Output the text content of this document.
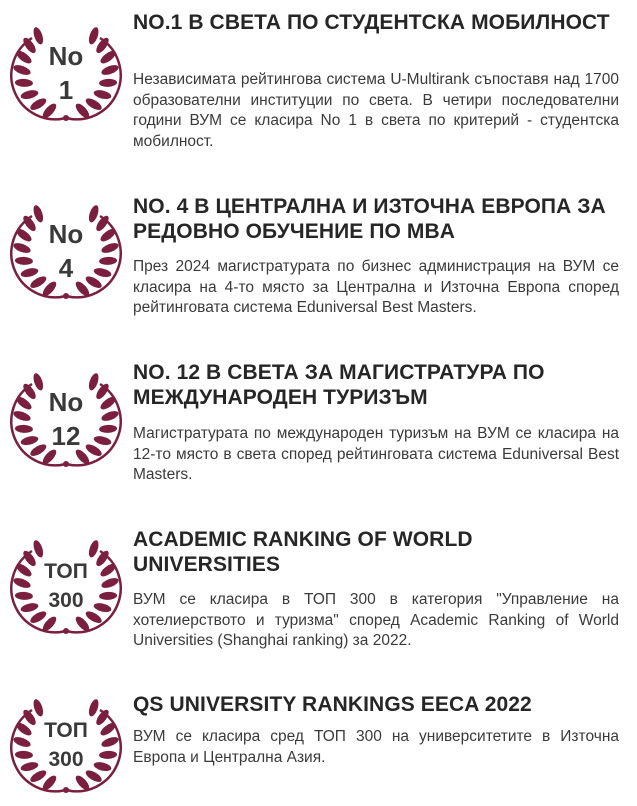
No
1
NO.1 В СВЕТА ПО СТУДЕНТСКА МОБИЛНОСТ

Независимата рейтингова система U-Multirank съпоставя над 1700 образователни институции по света. В четири последователни години ВУМ се класира No 1 в света по критерий - студентска мобилност.

No
4
NO. 4 В ЦЕНТРАЛНА И ИЗТОЧНА ЕВРОПА ЗА РЕДОВНО ОБУЧЕНИЕ ПО MBA

През 2024 магистратурата по бизнес администрация на ВУМ се класира на 4-то място за Централна и Източна Европа според рейтинговата система Eduniversal Best Masters.

No
12
NO. 12 В СВЕТА ЗА МАГИСТРАТУРА ПО МЕЖДУНАРОДЕН ТУРИЗЪМ

Магистратурата по международен туризъм на ВУМ се класира на 12-то място в света според рейтинговата система Eduniversal Best Masters.

ТОП
300
ACADEMIC RANKING OF WORLD UNIVERSITIES

ВУМ се класира в ТОП 300 в категория "Управление на хотелиерството и туризма" според Academic Ranking of World Universities (Shanghai ranking) за 2022.

ТОП
300
QS UNIVERSITY RANKINGS EECA 2022

ВУМ се класира сред ТОП 300 на университетите в Източна Европа и Централна Азия.
